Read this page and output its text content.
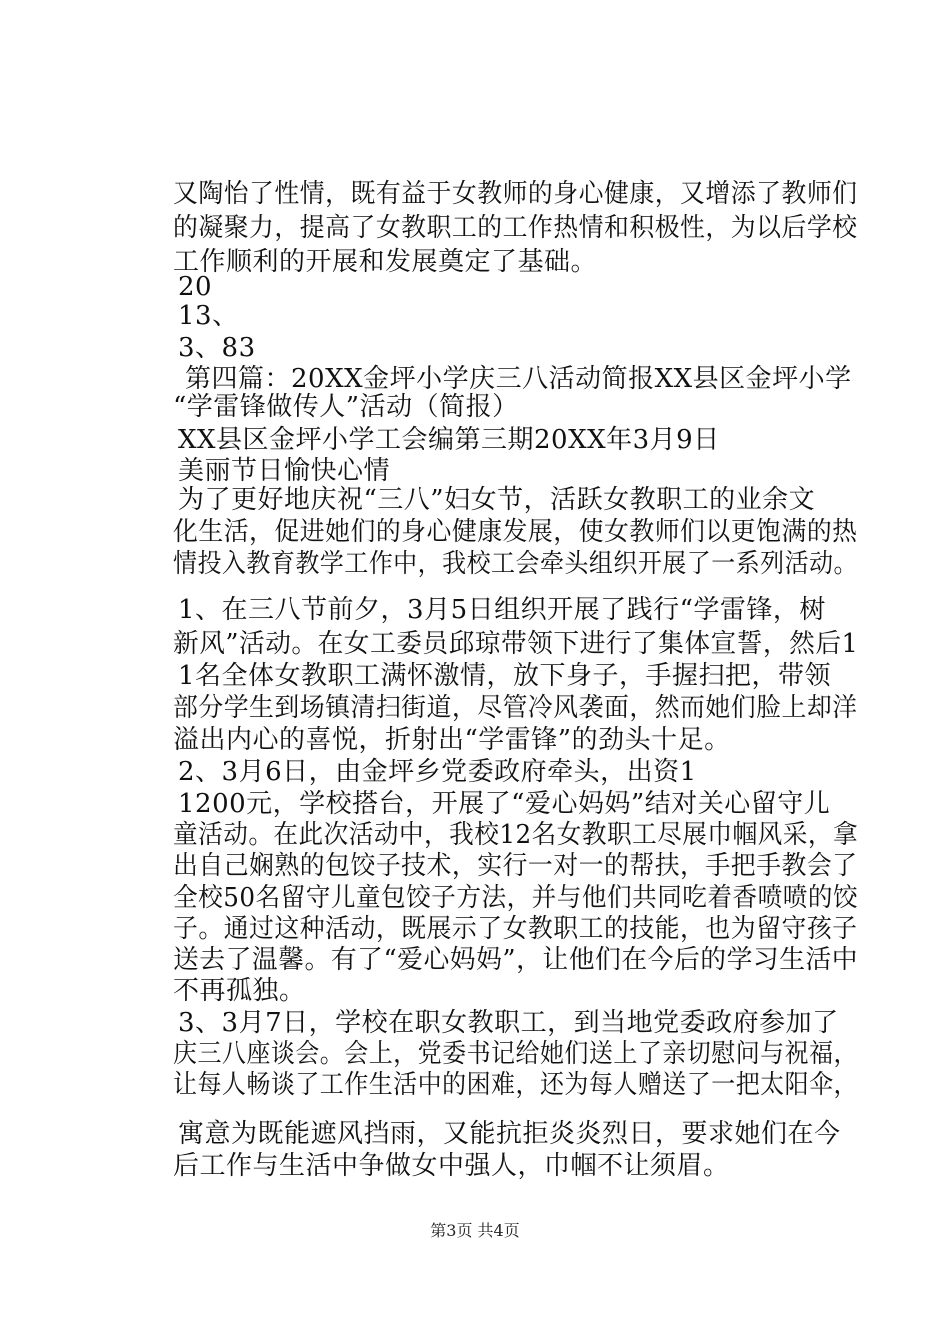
又陶怡了性情，既有益于女教师的身心健康，又增添了教师们
的凝聚力，提高了女教职工的工作热情和积极性，为以后学校
工作顺利的开展和发展奠定了基础。
20
13、
3、83
第四篇：20XX金坪小学庆三八活动简报XX县区金坪小学
“学雷锋做传人”活动（简报）
XX县区金坪小学工会编第三期20XX年3月9日
美丽节日愉快心情
为了更好地庆祝“三八”妇女节，活跃女教职工的业余文
化生活，促进她们的身心健康发展，使女教师们以更饱满的热
情投入教育教学工作中，我校工会牵头组织开展了一系列活动。
1、在三八节前夕，3月5日组织开展了践行“学雷锋，树
新风”活动。在女工委员邱琼带领下进行了集体宣誓，然后1
1名全体女教职工满怀激情，放下身子，手握扫把，带领
部分学生到场镇清扫街道，尽管冷风袭面，然而她们脸上却洋
溢出内心的喜悦，折射出“学雷锋”的劲头十足。
2、3月6日，由金坪乡党委政府牵头，出资1
1200元，学校搭台，开展了“爱心妈妈”结对关心留守儿
童活动。在此次活动中，我校12名女教职工尽展巾帼风采，拿
出自己娴熟的包饺子技术，实行一对一的帮扶，手把手教会了
全校50名留守儿童包饺子方法，并与他们共同吃着香喷喷的饺
子。通过这种活动，既展示了女教职工的技能，也为留守孩子
送去了温馨。有了“爱心妈妈”，让他们在今后的学习生活中
不再孤独。
3、3月7日，学校在职女教职工，到当地党委政府参加了
庆三八座谈会。会上，党委书记给她们送上了亲切慰问与祝福，
让每人畅谈了工作生活中的困难，还为每人赠送了一把太阳伞，
寓意为既能遮风挡雨，又能抗拒炎炎烈日，要求她们在今
后工作与生活中争做女中强人，巾帼不让须眉。
第3页 共4页
